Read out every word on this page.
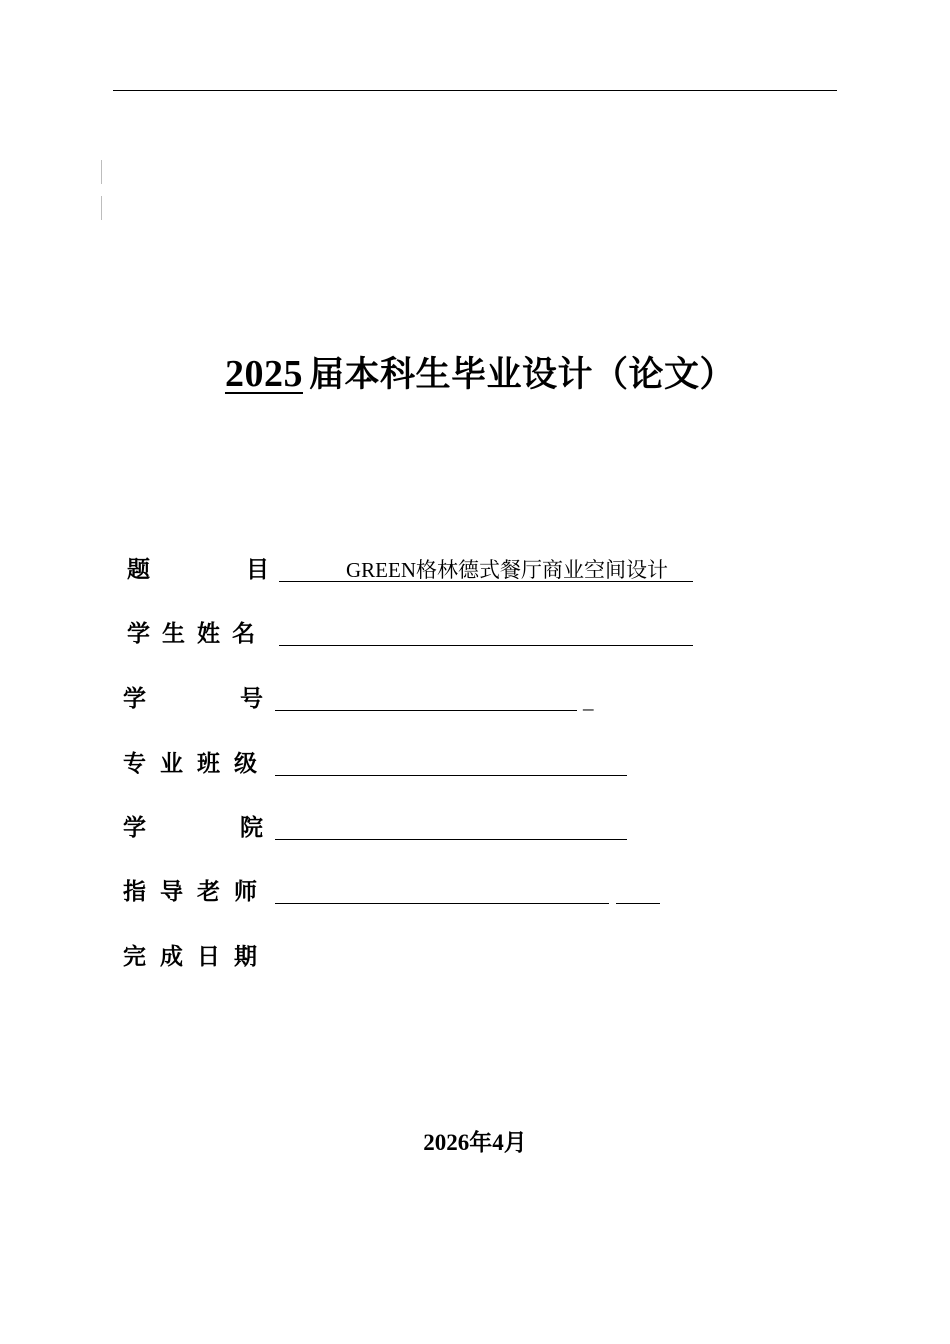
2025 届本科生毕业设计（论文）
题	目	GREEN格林德式餐厅商业空间设计
学 生 姓 名
学	号	_
专 业 班 级
学	院
指 导 老 师
完 成 日 期
2026年4月
